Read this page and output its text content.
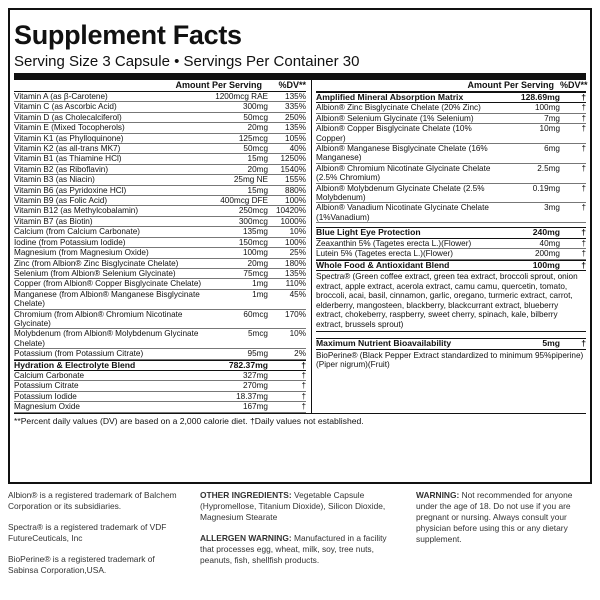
Supplement Facts
Serving Size 3 Capsule • Servings Per Container 30
Amount Per Serving	%DV**
Vitamin A (as β-Carotene)	1200mcg RAE	135%
Vitamin C (as Ascorbic Acid)	300mg	335%
Vitamin D (as Cholecalciferol)	50mcg	250%
Vitamin E (Mixed Tocopherols)	20mg	135%
Vitamin K1 (as Phylloquinone)	125mcg	105%
Vitamin K2 (as all-trans MK7)	50mcg	40%
Vitamin B1 (as Thiamine HCl)	15mg	1250%
Vitamin B2 (as Riboflavin)	20mg	1540%
Vitamin B3 (as Niacin)	25mg NE	155%
Vitamin B6 (as Pyridoxine HCl)	15mg	880%
Vitamin B9 (as Folic Acid)	400mcg DFE	100%
Vitamin B12 (as Methylcobalamin)	250mcg 10420%
Vitamin B7 (as Biotin)	300mcg	1000%
Calcium (from Calcium Carbonate)	135mg	10%
Iodine (from Potassium Iodide)	150mcg	100%
Magnesium (from Magnesium Oxide)	100mg	25%
Zinc (from Albion® Zinc Bisglycinate Chelate)	20mg	180%
Selenium (from Albion® Selenium Glycinate)	75mcg	135%
Copper (from Albion® Copper Bisglycinate Chelate)	1mg	110%
Manganese (from Albion® Manganese Bisglycinate Chelate)
1mg	45%
Chromium (from Albion® Chromium Nicotinate Glycinate)
60mcg	170%
Molybdenum (from Albion® Molybdenum Glycinate Chelate)
5mcg	10%
Potassium (from Potassium Citrate)	95mg	2%
Hydration & Electrolyte Blend	782.37mg	†
Calcium Carbonate	327mg	†
Potassium Citrate	270mg	†
Potassium Iodide	18.37mg	†
Magnesium Oxide	167mg	†
Amount Per Serving %DV**
Amplified Mineral Absorption Matrix	128.69mg	†
Albion® Zinc Bisglycinate Chelate (20% Zinc)	100mg	†
Albion® Selenium Glycinate (1% Selenium)	7mg	†
Albion® Copper Bisglycinate Chelate (10% Copper)
10mg	†
Albion® Manganese Bisglycinate Chelate (16% Manganese)
6mg	†
Albion® Chromium Nicotinate Glycinate Chelate (2.5% Chromium)
2.5mg	†
Albion® Molybdenum Glycinate Chelate (2.5% Molybdenum)
0.19mg	†
Albion® Vanadium Nicotinate Glycinate Chelate (1%Vanadium)
3mg	†
Blue Light Eye Protection	240mg	†
Zeaxanthin 5% (Tagetes erecta L.)(Flower)	40mg	†
Lutein 5% (Tagetes erecta L.)(Flower)	200mg	†
Whole Food & Antioxidant Blend	100mg	†
Spectra® (Green coffee extract, green tea extract, broccoli sprout, onion extract, apple extract, acerola extract, camu camu, quercetin, tomato, broccoli, acai, basil, cinnamon, garlic, oregano, turmeric extract, carrot, elderberry, mangosteen, blackberry, blackcurrant extract, blueberry extract, chokeberry, raspberry, sweet cherry, spinach, kale, bilberry extract, brussels sprout)
Maximum Nutrient Bioavailability	5mg	†
BioPerine® (Black Pepper Extract standardized to minimum 95%piperine)(Piper nigrum)(Fruit)
**Percent daily values (DV) are based on a 2,000 calorie diet. †Daily values not established.

Albion® is a registered trademark of Balchem Corporation or its subsidiaries.

Spectra® is a registered trademark of VDF FutureCeuticals, Inc

BioPerine® is a registered trademark of Sabinsa Corporation,USA.

OTHER INGREDIENTS: Vegetable Capsule (Hypromellose, Titanium Dioxide), Silicon Dioxide, Magnesium Stearate

ALLERGEN WARNING: Manufactured in a facility that processes egg, wheat, milk, soy, tree nuts, peanuts, fish, shellfish products.

WARNING: Not recommended for anyone under the age of 18. Do not use if you are pregnant or nursing. Always consult your physician before using this or any dietary supplement.
